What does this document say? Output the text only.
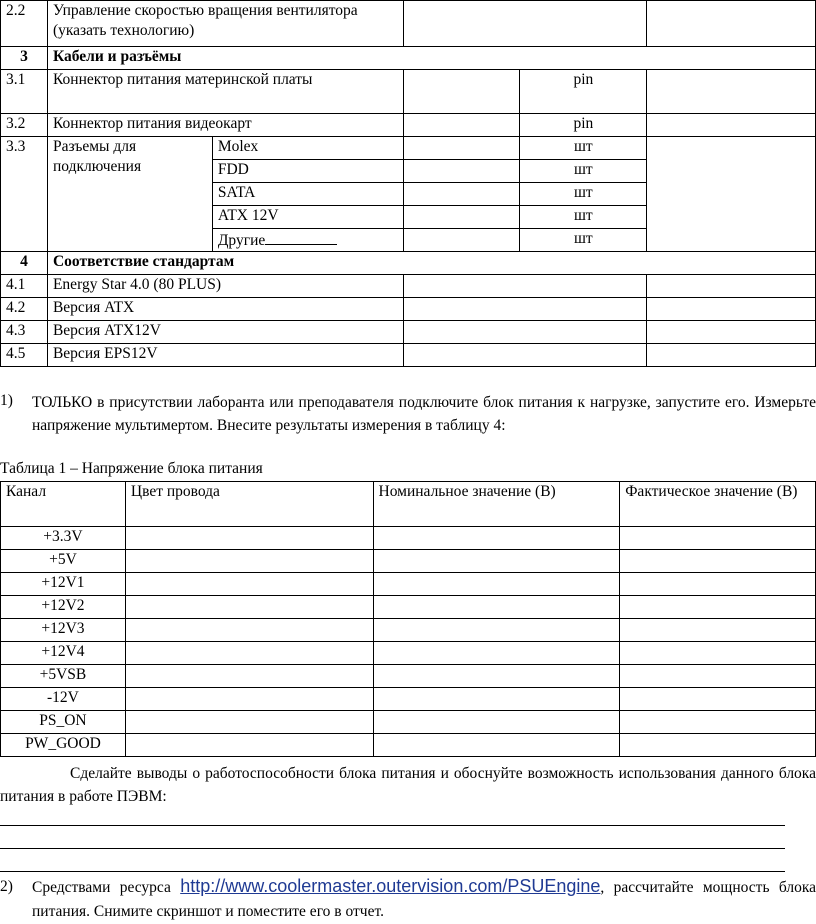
2.2	Управление скоростью вращения вентилятора (указать технологию)				
3	Кабели и разъёмы				
3.1	Коннектор питания материнской платы			pin	
3.2	Коннектор питания видеокарт			pin	
3.3	Разъемы для подключения	Molex		шт	
		FDD		шт	
		SATA		шт	
		ATX 12V		шт	
		Другие		шт	
4	Соответствие стандартам				
4.1	Energy Star 4.0 (80 PLUS)				
4.2	Версия ATX				
4.3	Версия ATX12V				
4.5	Версия EPS12V				
1) ТОЛЬКО в присутствии лаборанта или преподавателя подключите блок питания к нагрузке, запустите его. Измерьте напряжение мультимертом. Внесите результаты измерения в таблицу 4:
Таблица 1 – Напряжение блока питания
Канал	Цвет провода	Номинальное значение (В)	Фактическое значение (В)
+3.3V			
+5V			
+12V1			
+12V2			
+12V3			
+12V4			
+5VSB			
-12V			
PS_ON			
PW_GOOD			
Сделайте выводы о работоспособности блока питания и обоснуйте возможность использования данного блока питания в работе ПЭВМ:
2) Средствами ресурса http://www.coolermaster.outervision.com/PSUEngine, рассчитайте мощность блока питания. Снимите скриншот и поместите его в отчет.
